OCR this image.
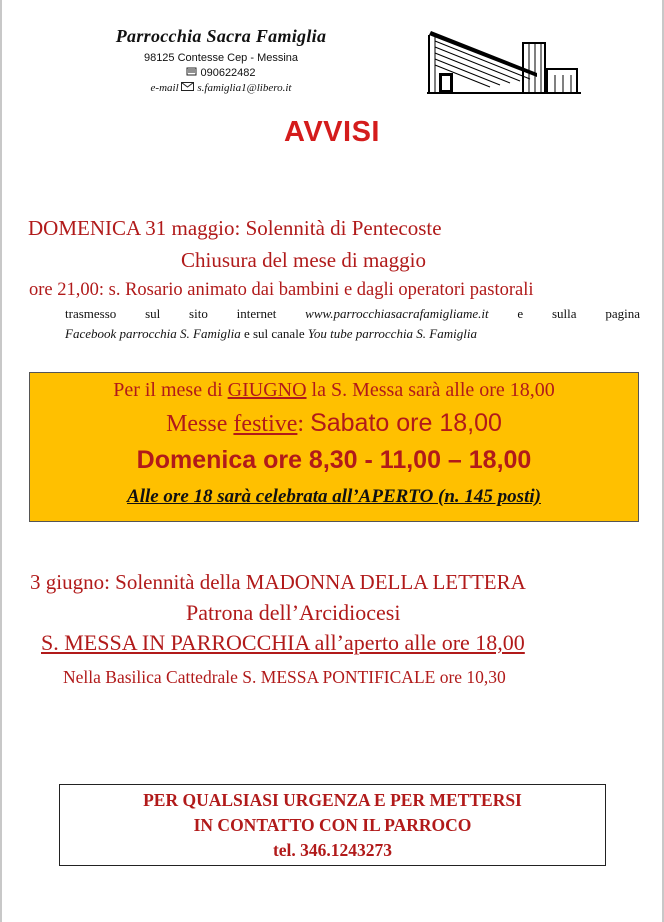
Parrocchia Sacra Famiglia
98125 Contesse Cep - Messina
090622482
e-mail s.famiglia1@libero.it
AVVISI
DOMENICA 31 maggio: Solennità di Pentecoste
Chiusura del mese di maggio
ore 21,00: s. Rosario animato dai bambini e dagli operatori pastorali
trasmesso sul sito internet www.parrocchiasacrafamigliame.it e sulla pagina
Facebook parrocchia S. Famiglia e sul canale You tube parrocchia S. Famiglia
Per il mese di GIUGNO la S. Messa sarà alle ore 18,00
Messe festive: Sabato ore 18,00
Domenica ore 8,30 - 11,00 – 18,00
Alle ore 18 sarà celebrata all’APERTO (n. 145 posti)
3 giugno: Solennità della MADONNA DELLA LETTERA
Patrona dell’Arcidiocesi
S. MESSA IN PARROCCHIA all’aperto alle ore 18,00
Nella Basilica Cattedrale S. MESSA PONTIFICALE ore 10,30
PER QUALSIASI URGENZA E PER METTERSI
IN CONTATTO CON IL PARROCO
tel. 346.1243273
